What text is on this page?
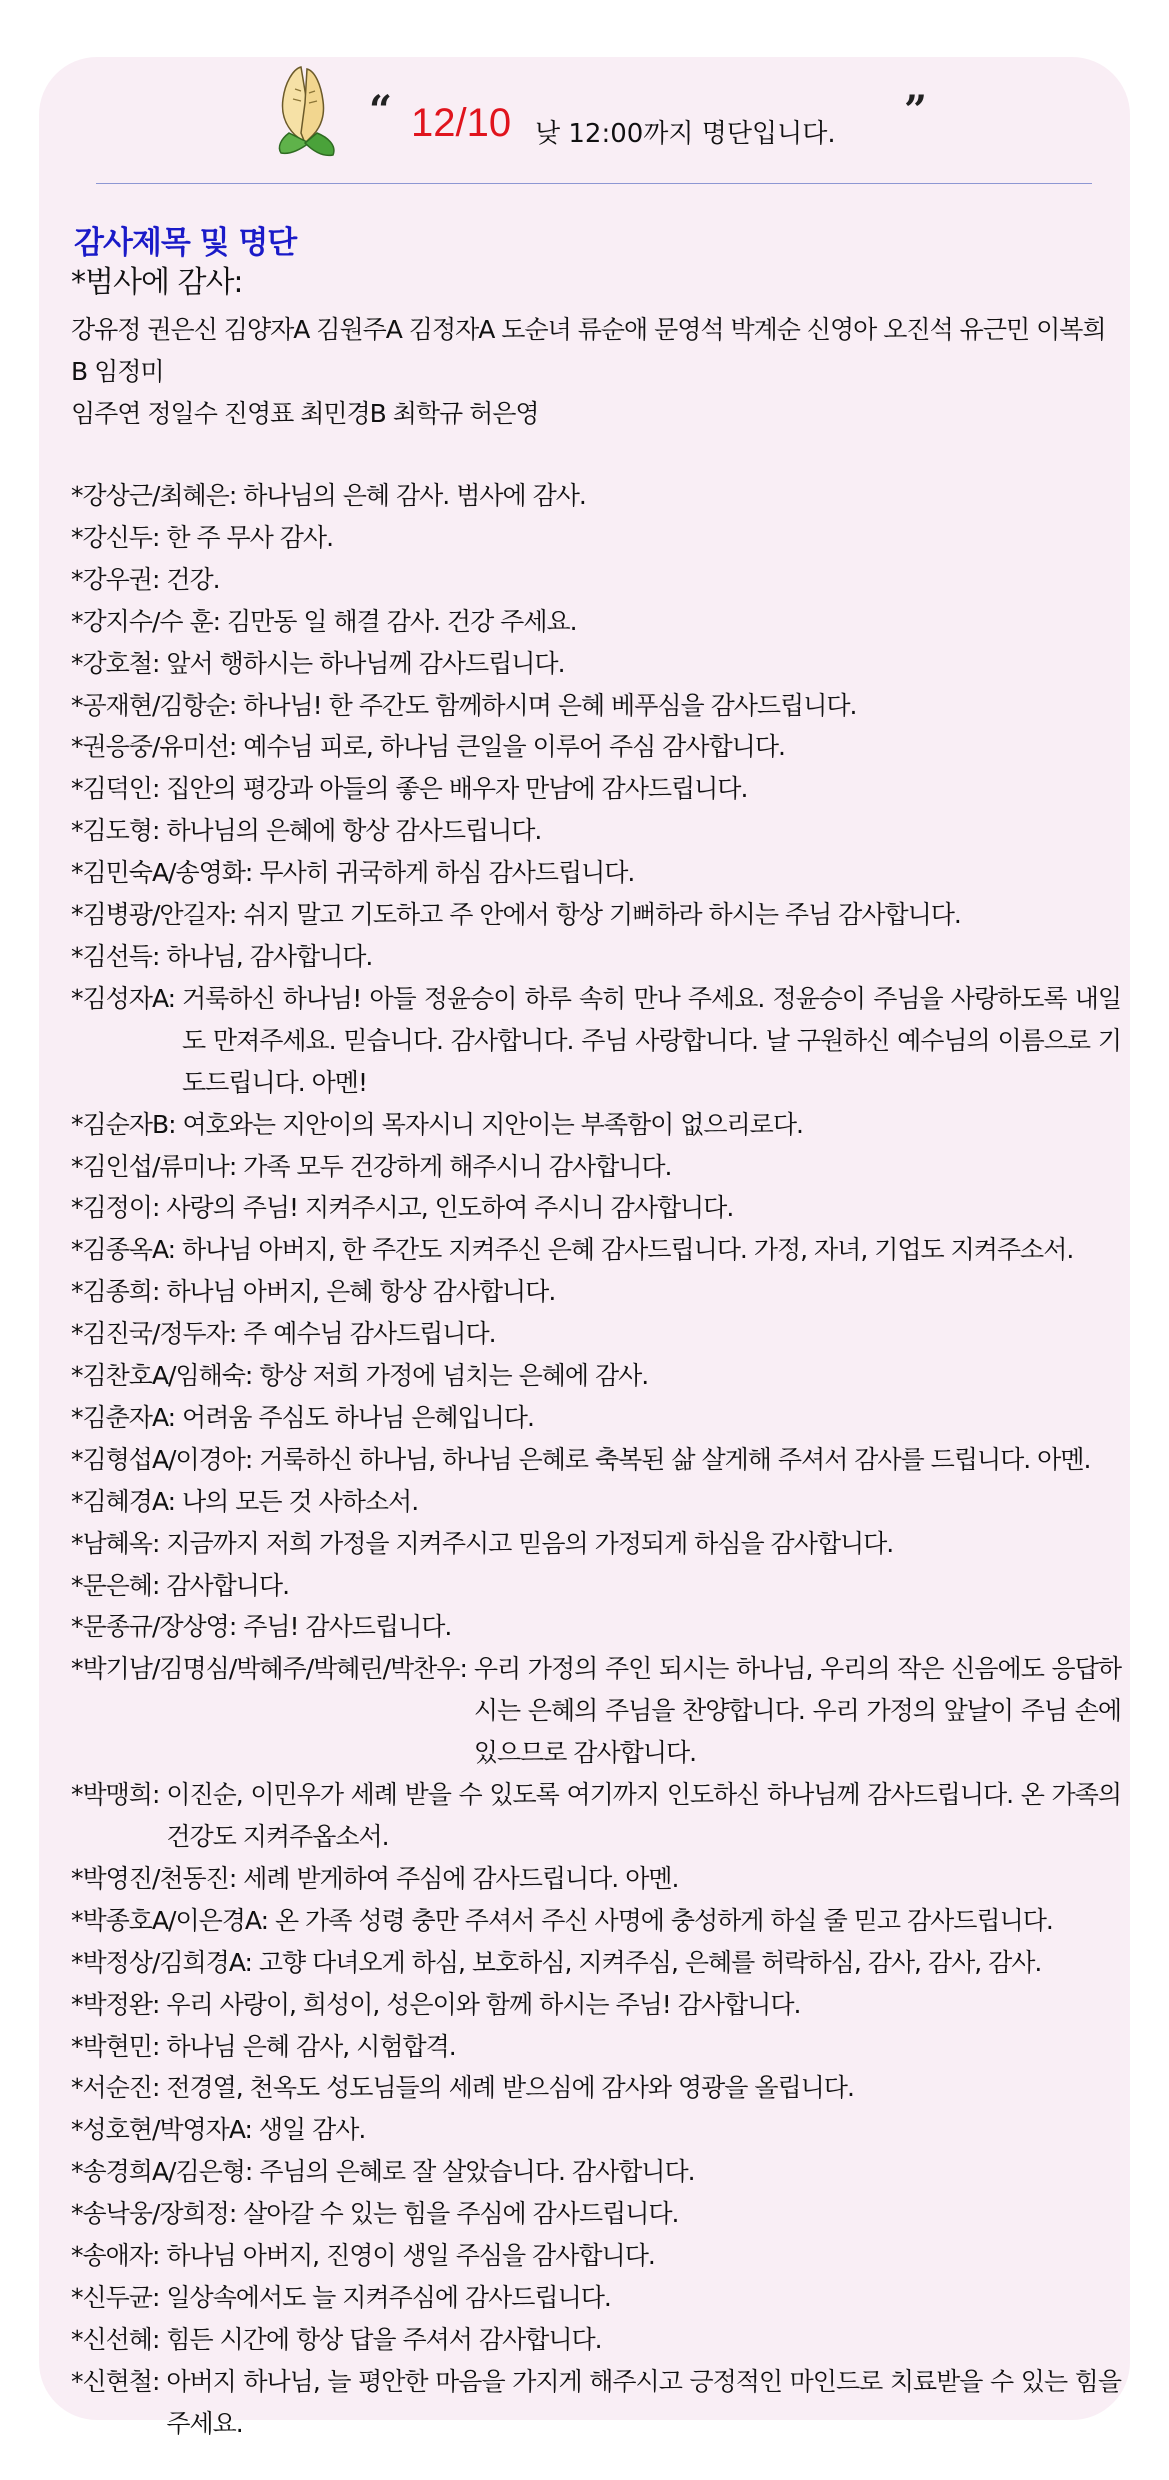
“ 12/10 낮 12:00까지 명단입니다. ”
감사제목 및 명단
*범사에 감사:
강유정 권은신 김양자A 김원주A 김정자A 도순녀 류순애 문영석 박계순 신영아 오진석 유근민 이복희B 임정미
임주연 정일수 진영표 최민경B 최학규 허은영
*강상근/최혜은:
하나님의 은혜 감사. 범사에 감사.
*강신두:
한 주 무사 감사.
*강우권:
건강.
*강지수/수 훈:
김만동 일 해결 감사. 건강 주세요.
*강호철:
앞서 행하시는 하나님께 감사드립니다.
*공재현/김항순:
하나님! 한 주간도 함께하시며 은혜 베푸심을 감사드립니다.
*권응중/유미선:
예수님 피로, 하나님 큰일을 이루어 주심 감사합니다.
*김덕인:
집안의 평강과 아들의 좋은 배우자 만남에 감사드립니다.
*김도형:
하나님의 은혜에 항상 감사드립니다.
*김민숙A/송영화:
무사히 귀국하게 하심 감사드립니다.
*김병광/안길자:
쉬지 말고 기도하고 주 안에서 항상 기뻐하라 하시는 주님 감사합니다.
*김선득:
하나님, 감사합니다.
*김성자A:
거룩하신 하나님! 아들 정윤승이 하루 속히 만나 주세요. 정윤승이 주님을 사랑하도록 내일도 만져주세요. 믿습니다. 감사합니다. 주님 사랑합니다. 날 구원하신 예수님의 이름으로 기도드립니다. 아멘!
*김순자B:
여호와는 지안이의 목자시니 지안이는 부족함이 없으리로다.
*김인섭/류미나:
가족 모두 건강하게 해주시니 감사합니다.
*김정이:
사랑의 주님! 지켜주시고, 인도하여 주시니 감사합니다.
*김종옥A:
하나님 아버지, 한 주간도 지켜주신 은혜 감사드립니다. 가정, 자녀, 기업도 지켜주소서.
*김종희:
하나님 아버지, 은혜 항상 감사합니다.
*김진국/정두자:
주 예수님 감사드립니다.
*김찬호A/임해숙:
항상 저희 가정에 넘치는 은혜에 감사.
*김춘자A:
어려움 주심도 하나님 은혜입니다.
*김형섭A/이경아:
거룩하신 하나님, 하나님 은혜로 축복된 삶 살게해 주셔서 감사를 드립니다. 아멘.
*김혜경A:
나의 모든 것 사하소서.
*남혜옥:
지금까지 저희 가정을 지켜주시고 믿음의 가정되게 하심을 감사합니다.
*문은혜:
감사합니다.
*문종규/장상영:
주님! 감사드립니다.
*박기남/김명심/박혜주/박혜린/박찬우:
우리 가정의 주인 되시는 하나님, 우리의 작은 신음에도 응답하시는 은혜의 주님을 찬양합니다. 우리 가정의 앞날이 주님 손에 있으므로 감사합니다.
*박맹희:
이진순, 이민우가 세례 받을 수 있도록 여기까지 인도하신 하나님께 감사드립니다. 온 가족의 건강도 지켜주옵소서.
*박영진/천동진:
세례 받게하여 주심에 감사드립니다. 아멘.
*박종호A/이은경A:
온 가족 성령 충만 주셔서 주신 사명에 충성하게 하실 줄 믿고 감사드립니다.
*박정상/김희경A:
고향 다녀오게 하심, 보호하심, 지켜주심, 은혜를 허락하심, 감사, 감사, 감사.
*박정완:
우리 사랑이, 희성이, 성은이와 함께 하시는 주님! 감사합니다.
*박현민:
하나님 은혜 감사, 시험합격.
*서순진:
전경열, 천옥도 성도님들의 세례 받으심에 감사와 영광을 올립니다.
*성호현/박영자A:
생일 감사.
*송경희A/김은형:
주님의 은혜로 잘 살았습니다. 감사합니다.
*송낙웅/장희정:
살아갈 수 있는 힘을 주심에 감사드립니다.
*송애자:
하나님 아버지, 진영이 생일 주심을 감사합니다.
*신두균:
일상속에서도 늘 지켜주심에 감사드립니다.
*신선혜:
힘든 시간에 항상 답을 주셔서 감사합니다.
*신현철:
아버지 하나님, 늘 평안한 마음을 가지게 해주시고 긍정적인 마인드로 치료받을 수 있는 힘을 주세요.
